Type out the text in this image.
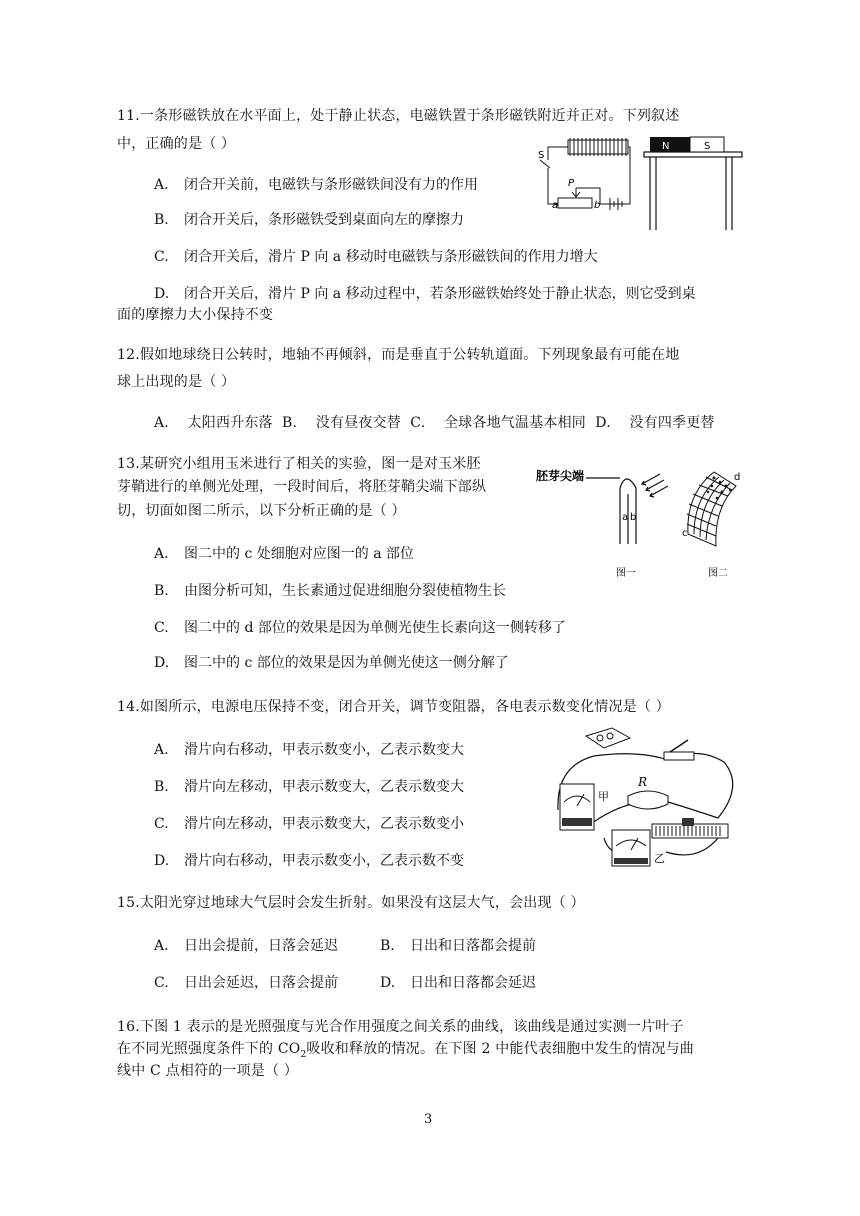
11.一条形磁铁放在水平面上，处于静止状态，电磁铁置于条形磁铁附近并正对。下列叙述
中，正确的是（ ）
A. 闭合开关前，电磁铁与条形磁铁间没有力的作用
B. 闭合开关后，条形磁铁受到桌面向左的摩擦力
C. 闭合开关后，滑片 P 向 a 移动时电磁铁与条形磁铁间的作用力增大
D. 闭合开关后，滑片 P 向 a 移动过程中，若条形磁铁始终处于静止状态，则它受到桌
面的摩擦力大小保持不变
S
P
a	b
N	S
12.假如地球绕日公转时，地轴不再倾斜，而是垂直于公转轨道面。下列现象最有可能在地
球上出现的是（ ）
A.    太阳西升东落  B.    没有昼夜交替  C.    全球各地气温基本相同  D.    没有四季更替
13.某研究小组用玉米进行了相关的实验，图一是对玉米胚
芽鞘进行的单侧光处理，一段时间后，将胚芽鞘尖端下部纵
切，切面如图二所示，以下分析正确的是（ ）
A. 图二中的 c 处细胞对应图一的 a 部位
B. 由图分析可知，生长素通过促进细胞分裂使植物生长
C. 图二中的 d 部位的效果是因为单侧光使生长素向这一侧转移了
D. 图二中的 c 部位的效果是因为单侧光使这一侧分解了
胚芽尖端
a b
图一
d
c
图二
14.如图所示，电源电压保持不变，闭合开关，调节变阻器，各电表示数变化情况是（ ）
A. 滑片向右移动，甲表示数变小，乙表示数变大
B. 滑片向左移动，甲表示数变大，乙表示数变大
C. 滑片向左移动，甲表示数变大，乙表示数变小
D. 滑片向右移动，甲表示数变小，乙表示数不变
甲
R
乙
15.太阳光穿过地球大气层时会发生折射。如果没有这层大气，会出现（ ）
A. 日出会提前，日落会延迟	B. 日出和日落都会提前
C. 日出会延迟，日落会提前	D. 日出和日落都会延迟
16.下图 1 表示的是光照强度与光合作用强度之间关系的曲线，该曲线是通过实测一片叶子
在不同光照强度条件下的 $CO_2$吸收和释放的情况。在下图 2 中能代表细胞中发生的情况与曲
线中 C 点相符的一项是（ ）
3
